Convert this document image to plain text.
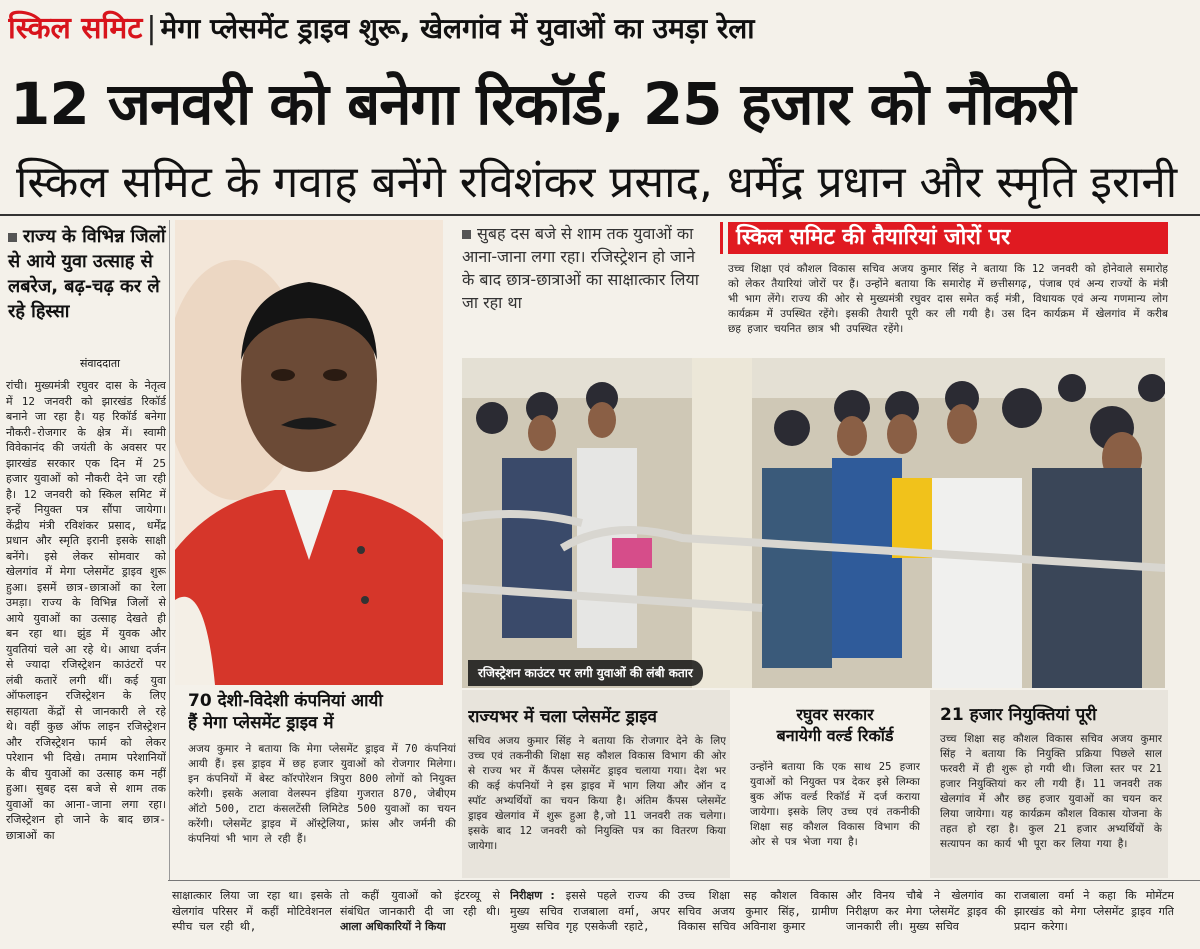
स्किल समिट | मेगा प्लेसमेंट ड्राइव शुरू, खेलगांव में युवाओं का उमड़ा रेला
12 जनवरी को बनेगा रिकॉर्ड, 25 हजार को नौकरी
स्किल समिट के गवाह बनेंगे रविशंकर प्रसाद, धर्मेंद्र प्रधान और स्मृति इरानी
राज्य के विभिन्न जिलों से आये युवा उत्साह से लबरेज, बढ़-चढ़ कर ले रहे हिस्सा
संवाददाता
रांची। मुख्यमंत्री रघुवर दास के नेतृत्व में 12 जनवरी को झारखंड रिकॉर्ड बनाने जा रहा है। यह रिकॉर्ड बनेगा नौकरी-रोजगार के क्षेत्र में। स्वामी विवेकानंद की जयंती के अवसर पर झारखंड सरकार एक दिन में 25 हजार युवाओं को नौकरी देने जा रही है। 12 जनवरी को स्किल समिट में इन्हें नियुक्त पत्र सौंपा जायेगा। केंद्रीय मंत्री रविशंकर प्रसाद, धर्मेंद्र प्रधान और स्मृति इरानी इसके साक्षी बनेंगे। इसे लेकर सोमवार को खेलगांव में मेगा प्लेसमेंट ड्राइव शुरू हुआ। इसमें छात्र-छात्राओं का रेला उमड़ा। राज्य के विभिन्न जिलों से आये युवाओं का उत्साह देखते ही बन रहा था। झुंड में युवक और युवतियां चले आ रहे थे। आधा दर्जन से ज्यादा रजिस्ट्रेशन काउंटरों पर लंबी कतारें लगी थीं। कई युवा ऑफलाइन रजिस्ट्रेशन के लिए सहायता केंद्रों से जानकारी ले रहे थे। वहीं कुछ ऑफ लाइन रजिस्ट्रेशन और रजिस्ट्रेशन फार्म को लेकर परेशान भी दिखे। तमाम परेशानियों के बीच युवाओं का उत्साह कम नहीं हुआ। सुबह दस बजे से शाम तक युवाओं का आना-जाना लगा रहा। रजिस्ट्रेशन हो जाने के बाद छात्र-छात्राओं का
सुबह दस बजे से शाम तक युवाओं का आना-जाना लगा रहा। रजिस्ट्रेशन हो जाने के बाद छात्र-छात्राओं का साक्षात्कार लिया जा रहा था
स्किल समिट की तैयारियां जोरों पर
उच्च शिक्षा एवं कौशल विकास सचिव अजय कुमार सिंह ने बताया कि 12 जनवरी को होनेवाले समारोह को लेकर तैयारियां जोरों पर हैं। उन्होंने बताया कि समारोह में छत्तीसगढ़, पंजाब एवं अन्य राज्यों के मंत्री भी भाग लेंगे। राज्य की ओर से मुख्यमंत्री रघुवर दास समेत कई मंत्री, विधायक एवं अन्य गणमान्य लोग कार्यक्रम में उपस्थित रहेंगे। इसकी तैयारी पूरी कर ली गयी है। उस दिन कार्यक्रम में खेलगांव में करीब छह हजार चयनित छात्र भी उपस्थित रहेंगे।
रजिस्ट्रेशन काउंटर पर लगी युवाओं की लंबी कतार
70 देशी-विदेशी कंपनियां आयी
हैं मेगा प्लेसमेंट ड्राइव में
अजय कुमार ने बताया कि मेगा प्लेसमेंट ड्राइव में 70 कंपनियां आयी हैं। इस ड्राइव में छह हजार युवाओं को रोजगार मिलेगा। इन कंपनियों में बेस्ट कॉरपोरेशन त्रिपुरा 800 लोगों को नियुक्त करेगी। इसके अलावा वेलस्पन इंडिया गुजरात 870, जेबीएम ऑटो 500, टाटा कंसलटेंसी लिमिटेड 500 युवाओं का चयन करेंगी। प्लेसमेंट ड्राइव में ऑस्ट्रेलिया, फ्रांस और जर्मनी की कंपनियां भी भाग ले रही हैं।
राज्यभर में चला प्लेसमेंट ड्राइव
सचिव अजय कुमार सिंह ने बताया कि रोजगार देने के लिए उच्च एवं तकनीकी शिक्षा सह कौशल विकास विभाग की ओर से राज्य भर में कैंपस प्लेसमेंट ड्राइव चलाया गया। देश भर की कई कंपनियों ने इस ड्राइव में भाग लिया और ऑन द स्पॉट अभ्यर्थियों का चयन किया है। अंतिम कैंपस प्लेसमेंट ड्राइव खेलगांव में शुरू हुआ है,जो 11 जनवरी तक चलेगा। इसके बाद 12 जनवरी को नियुक्ति पत्र का वितरण किया जायेगा।
रघुवर सरकार
बनायेगी वर्ल्ड रिकॉर्ड
उन्होंने बताया कि एक साथ 25 हजार युवाओं को नियुक्त पत्र देकर इसे लिम्का बुक ऑफ वर्ल्ड रिकॉर्ड में दर्ज कराया जायेगा। इसके लिए उच्च एवं तकनीकी शिक्षा सह कौशल विकास विभाग की ओर से पत्र भेजा गया है।
21 हजार नियुक्तियां पूरी
उच्च शिक्षा सह कौशल विकास सचिव अजय कुमार सिंह ने बताया कि नियुक्ति प्रक्रिया पिछले साल फरवरी में ही शुरू हो गयी थी। जिला स्तर पर 21 हजार नियुक्तियां कर ली गयी हैं। 11 जनवरी तक खेलगांव में और छह हजार युवाओं का चयन कर लिया जायेगा। यह कार्यक्रम कौशल विकास योजना के तहत हो रहा है। कुल 21 हजार अभ्यर्थियों के सत्यापन का कार्य भी पूरा कर लिया गया है।
साक्षात्कार लिया जा रहा था। इसके खेलगांव परिसर में कहीं मोटिवेशनल स्पीच चल रही थी,
तो कहीं युवाओं को इंटरव्यू से संबंधित जानकारी दी जा रही थी। आला अधिकारियों ने किया
निरीक्षण : इससे पहले राज्य की मुख्य सचिव राजबाला वर्मा, अपर मुख्य सचिव गृह एसकेजी रहाटे,
उच्च शिक्षा सह कौशल विकास सचिव अजय कुमार सिंह, ग्रामीण विकास सचिव अविनाश कुमार
और विनय चौबे ने खेलगांव का निरीक्षण कर मेगा प्लेसमेंट ड्राइव की जानकारी ली। मुख्य सचिव
राजबाला वर्मा ने कहा कि मोमेंटम झारखंड को मेगा प्लेसमेंट ड्राइव गति प्रदान करेगा।
